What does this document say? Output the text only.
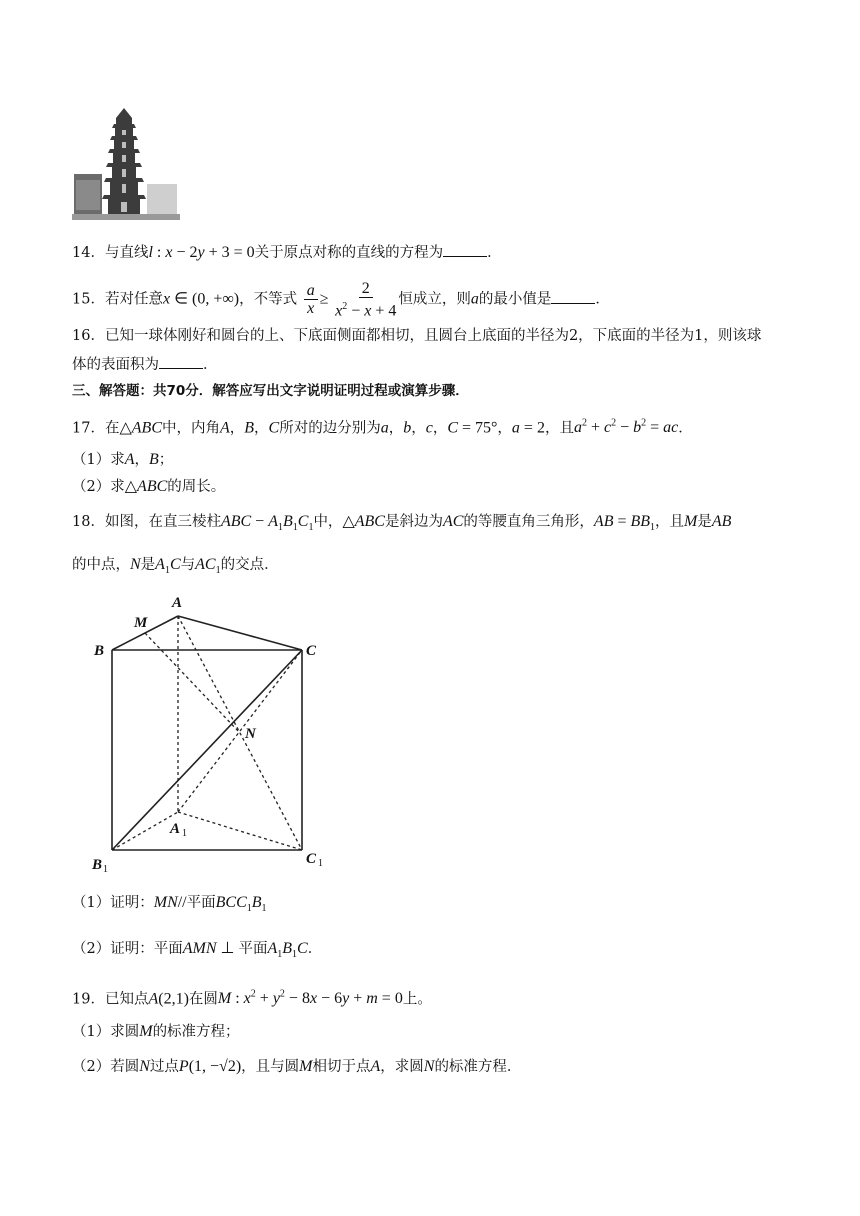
14．与直线l : x − 2y + 3 = 0关于原点对称的直线的方程为	．
15．若对任意x ∈ (0, +∞)，不等式 $\frac{a}{x} \ge \frac{2}{x^2 - x + 4}$ 恒成立，则a的最小值是	．
16．已知一球体刚好和圆台的上、下底面侧面都相切，且圆台上底面的半径为2，下底面的半径为1，则该球
体的表面积为	．
三、解答题：共70分．解答应写出文字说明证明过程或演算步骤．
17．在△ABC中，内角A，B，C所对的边分别为a，b，c，C = 75°，a = 2，且$a^2 + c^2 - b^2$ = ac．
（1）求A，B；
（2）求△ABC的周长。
18．如图，在直三棱柱ABC − $A_1B_1C_1$中，△ABC是斜边为AC的等腰直角三角形，AB = $BB_1$，且M是AB
的中点，N是$A_1C$与$AC_1$的交点．
A
B	C
M
N
A
B	C
1
1
1
（1）证明：MN//平面$BCC_1B_1$
（2）证明：平面AMN ⊥ 平面$A_1B_1C$．
19．已知点A(2,1)在圆M : $x^2 + y^2 - 8x - 6y + m = 0$上。
（1）求圆M的标准方程；
（2）若圆N过点P(1, −√2)，且与圆M相切于点A，求圆N的标准方程．
